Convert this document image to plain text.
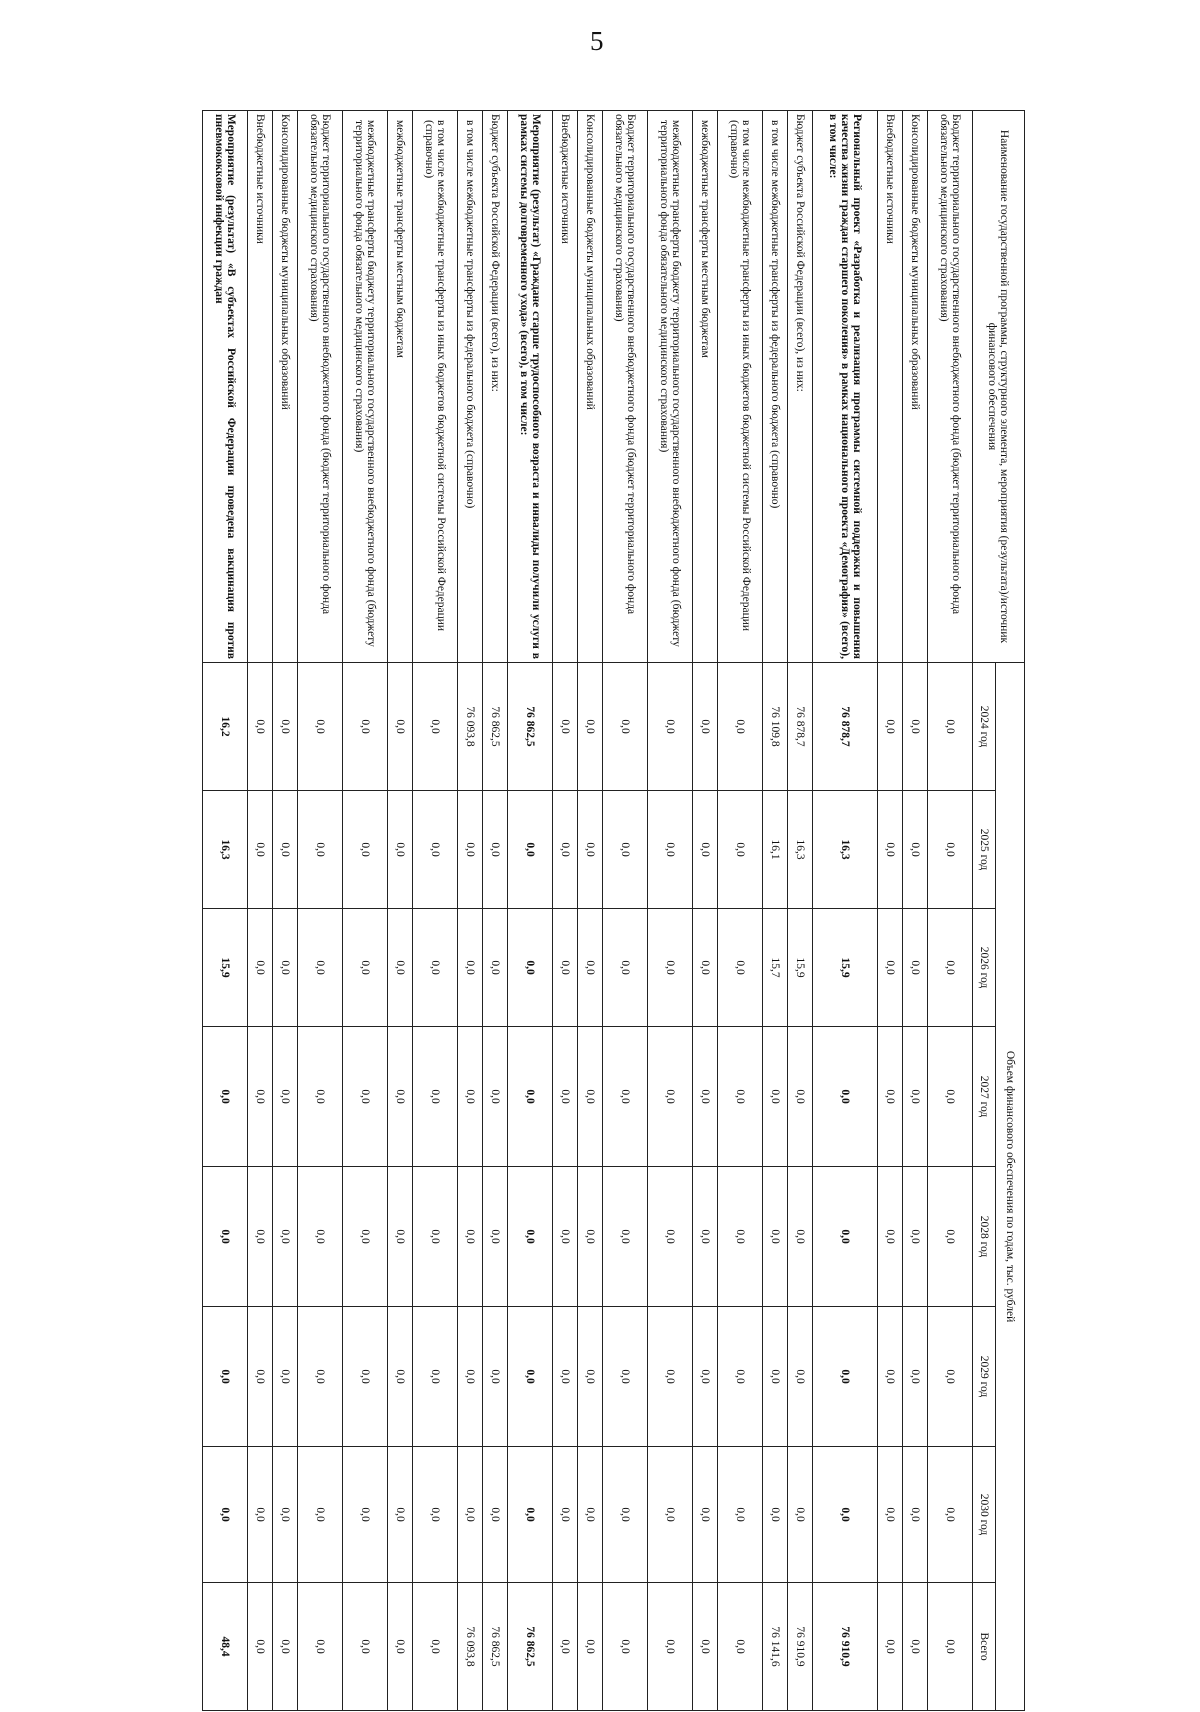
5
Наименование государственной программы, структурного элемента, мероприятия (результата)/источник финансового обеспечения	Объем финансового обеспечения по годам, тыс. рублей							
	2024 год	2025 год	2026 год	2027 год	2028 год	2029 год	2030 год	Всего
Бюджет территориального государственного внебюджетного фонда (бюджет территориального фонда обязательного медицинского страхования)	0,0	0,0	0,0	0,0	0,0	0,0	0,0	0,0
Консолидированные бюджеты муниципальных образований	0,0	0,0	0,0	0,0	0,0	0,0	0,0	0,0
Внебюджетные источники	0,0	0,0	0,0	0,0	0,0	0,0	0,0	0,0
Региональный проект «Разработка и реализация программы системной поддержки и повышения качества жизни граждан старшего поколения» в рамках национального проекта «Демография» (всего), в том числе:	76 878,7	16,3	15,9	0,0	0,0	0,0	0,0	76 910,9
Бюджет субъекта Российской Федерации (всего), из них:	76 878,7	16,3	15,9	0,0	0,0	0,0	0,0	76 910,9
в том числе межбюджетные трансферты из федерального бюджета (справочно)	76 109,8	16,1	15,7	0,0	0,0	0,0	0,0	76 141,6
в том числе межбюджетные трансферты из иных бюджетов бюджетной системы Российской Федерации (справочно)	0,0	0,0	0,0	0,0	0,0	0,0	0,0	0,0
межбюджетные трансферты местным бюджетам	0,0	0,0	0,0	0,0	0,0	0,0	0,0	0,0
межбюджетные трансферты бюджету территориального государственного внебюджетного фонда (бюджету территориального фонда обязательного медицинского страхования)	0,0	0,0	0,0	0,0	0,0	0,0	0,0	0,0
Бюджет территориального государственного внебюджетного фонда (бюджет территориального фонда обязательного медицинского страхования)	0,0	0,0	0,0	0,0	0,0	0,0	0,0	0,0
Консолидированные бюджеты муниципальных образований	0,0	0,0	0,0	0,0	0,0	0,0	0,0	0,0
Внебюджетные источники	0,0	0,0	0,0	0,0	0,0	0,0	0,0	0,0
Мероприятие (результат) «Граждане старше трудоспособного возраста и инвалиды получили услуги в рамках системы долговременного ухода» (всего), в том числе:	76 862,5	0,0	0,0	0,0	0,0	0,0	0,0	76 862,5
Бюджет субъекта Российской Федерации (всего), из них:	76 862,5	0,0	0,0	0,0	0,0	0,0	0,0	76 862,5
в том числе межбюджетные трансферты из федерального бюджета (справочно)	76 093,8	0,0	0,0	0,0	0,0	0,0	0,0	76 093,8
в том числе межбюджетные трансферты из иных бюджетов бюджетной системы Российской Федерации (справочно)	0,0	0,0	0,0	0,0	0,0	0,0	0,0	0,0
межбюджетные трансферты местным бюджетам	0,0	0,0	0,0	0,0	0,0	0,0	0,0	0,0
межбюджетные трансферты бюджету территориального государственного внебюджетного фонда (бюджету территориального фонда обязательного медицинского страхования)	0,0	0,0	0,0	0,0	0,0	0,0	0,0	0,0
Бюджет территориального государственного внебюджетного фонда (бюджет территориального фонда обязательного медицинского страхования)	0,0	0,0	0,0	0,0	0,0	0,0	0,0	0,0
Консолидированные бюджеты муниципальных образований	0,0	0,0	0,0	0,0	0,0	0,0	0,0	0,0
Внебюджетные источники	0,0	0,0	0,0	0,0	0,0	0,0	0,0	0,0
Мероприятие (результат) «В субъектах Российской Федерации проведена вакцинация против пневмококковой инфекции граждан	16,2	16,3	15,9	0,0	0,0	0,0	0,0	48,4
